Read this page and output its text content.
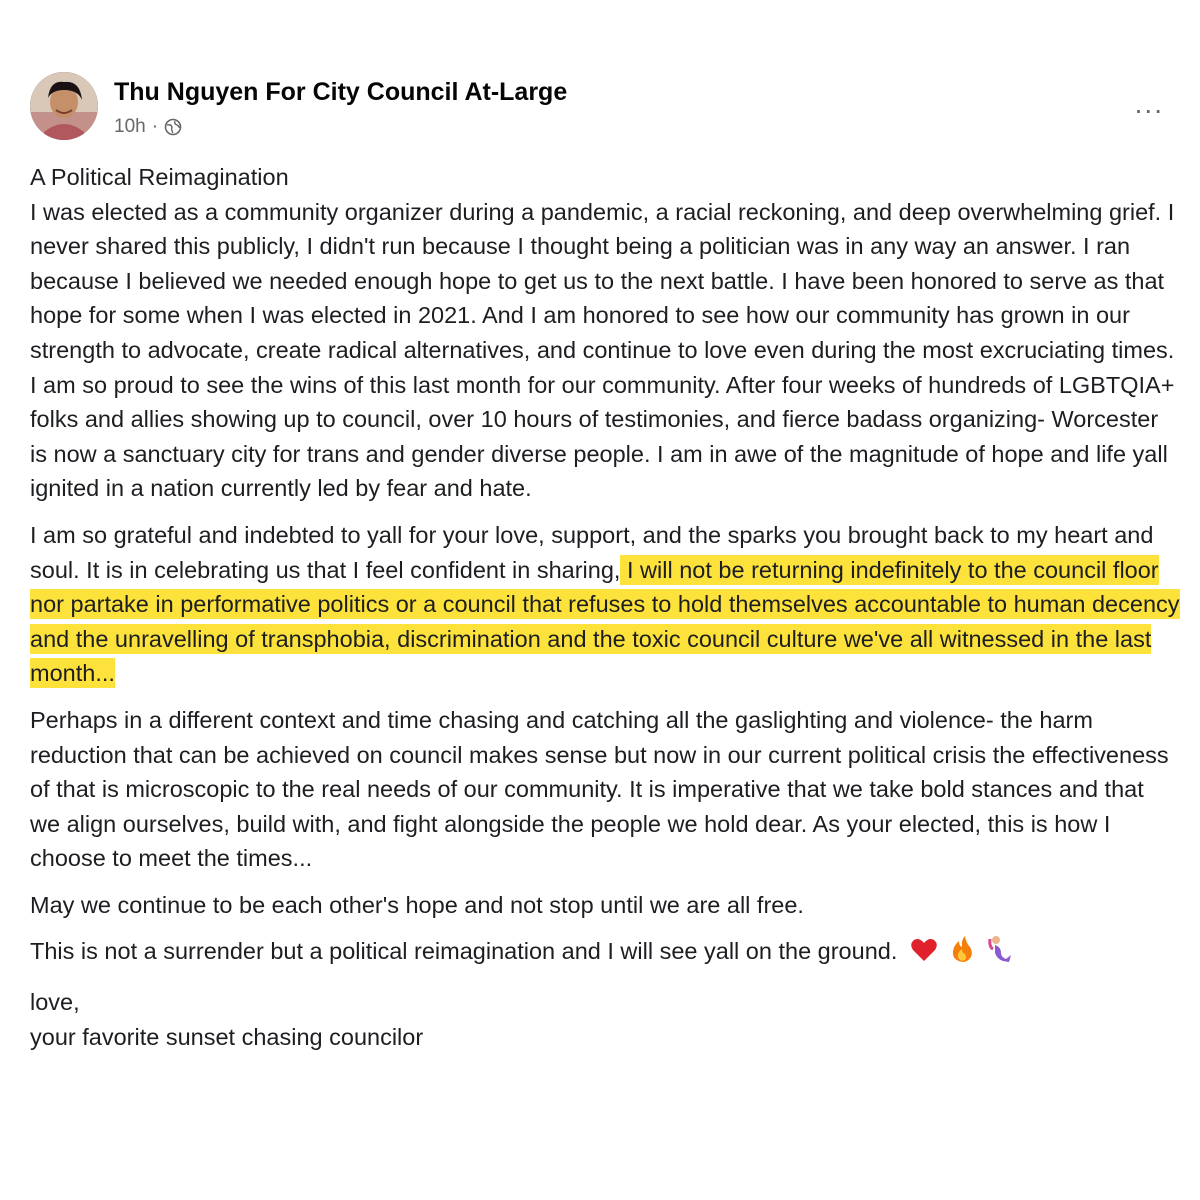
Thu Nguyen For City Council At-Large
10h ·
...

A Political Reimagination

I was elected as a community organizer during a pandemic, a racial reckoning, and deep overwhelming grief. I never shared this publicly, I didn't run because I thought being a politician was in any way an answer. I ran because I believed we needed enough hope to get us to the next battle. I have been honored to serve as that hope for some when I was elected in 2021. And I am honored to see how our community has grown in our strength to advocate, create radical alternatives, and continue to love even during the most excruciating times. I am so proud to see the wins of this last month for our community. After four weeks of hundreds of LGBTQIA+ folks and allies showing up to council, over 10 hours of testimonies, and fierce badass organizing- Worcester is now a sanctuary city for trans and gender diverse people. I am in awe of the magnitude of hope and life yall ignited in a nation currently led by fear and hate.

I am so grateful and indebted to yall for your love, support, and the sparks you brought back to my heart and soul. It is in celebrating us that I feel confident in sharing, I will not be returning indefinitely to the council floor nor partake in performative politics or a council that refuses to hold themselves accountable to human decency and the unravelling of transphobia, discrimination and the toxic council culture we've all witnessed in the last month...

Perhaps in a different context and time chasing and catching all the gaslighting and violence- the harm reduction that can be achieved on council makes sense but now in our current political crisis the effectiveness of that is microscopic to the real needs of our community. It is imperative that we take bold stances and that we align ourselves, build with, and fight alongside the people we hold dear. As your elected, this is how I choose to meet the times...

May we continue to be each other's hope and not stop until we are all free.

This is not a surrender but a political reimagination and I will see yall on the ground.

love,

your favorite sunset chasing councilor
